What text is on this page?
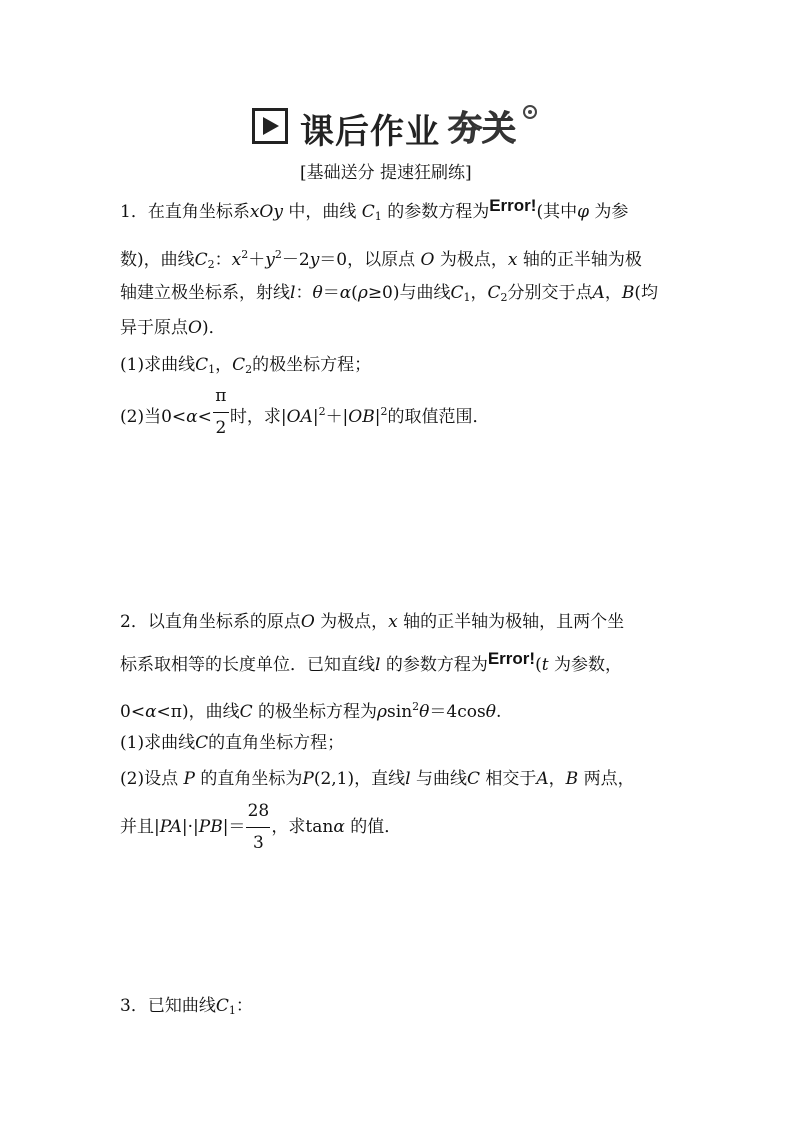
课后作业 夯关
[基础送分 提速狂刷练]
1．在直角坐标系xOy 中，曲线 $C_1$ 的参数方程为Error!(其中φ 为参
数)，曲线$C_2$：$x^2+y^2-2y=0$，以原点 O 为极点，x 轴的正半轴为极
轴建立极坐标系，射线l：θ＝α(ρ≥0)与曲线$C_1$，$C_2$分别交于点A，B(均
异于原点O)．
(1)求曲线$C_1$，$C_2$的极坐标方程；
(2)当$0<\alpha< \frac{\pi}{2}$ 时，求$|OA|^2+|OB|^2$的取值范围．
2．以直角坐标系的原点O 为极点，x 轴的正半轴为极轴，且两个坐
标系取相等的长度单位．已知直线l 的参数方程为Error!(t 为参数，
0<α<π)，曲线C 的极坐标方程为ρsin$^2$θ＝4cosθ.
(1)求曲线C的直角坐标方程；
(2)设点 P 的直角坐标为P(2,1)，直线l 与曲线C 相交于A，B 两点，
并且$|PA|\cdot|PB|= \frac{28}{3}$ ，求tanα 的值．
3．已知曲线$C_1$：
